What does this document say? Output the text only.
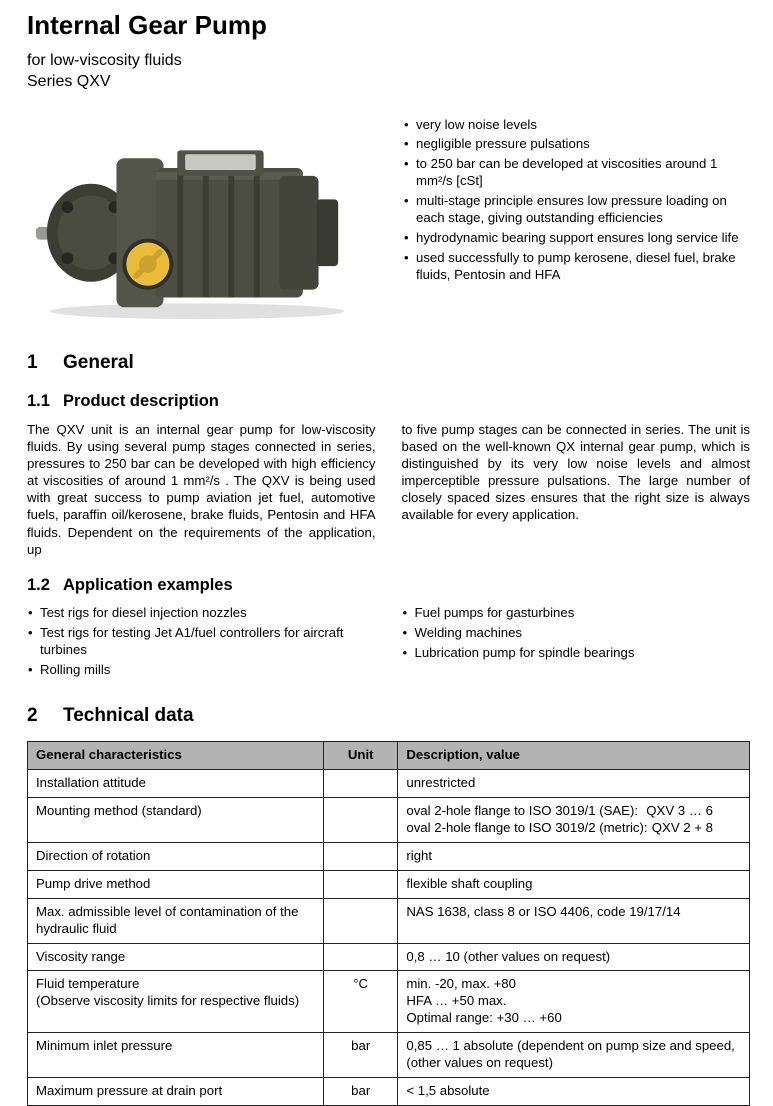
Internal Gear Pump
for low-viscosity fluids
Series QXV
• very low noise levels
• negligible pressure pulsations
• to 250 bar can be developed at viscosities around 1 mm²/s [cSt]
• multi-stage principle ensures low pressure loading on each stage, giving outstanding efficiencies
• hydrodynamic bearing support ensures long service life
• used successfully to pump kerosene, diesel fuel, brake fluids, Pentosin and HFA
1	General
1.1 Product description

The QXV unit is an internal gear pump for low-viscosity fluids. By using several pump stages connected in series, pressures to 250 bar can be developed with high efficiency at viscosities of around 1 mm²/s . The QXV is being used with great success to pump aviation jet fuel, automotive fuels, paraffin oil/kerosene, brake fluids, Pentosin and HFA fluids. Dependent on the requirements of the application, up

to five pump stages can be connected in series. The unit is based on the well-known QX internal gear pump, which is distinguished by its very low noise levels and almost imperceptible pressure pulsations. The large number of closely spaced sizes ensures that the right size is always available for every application.

1.2 Application examples
• Test rigs for diesel injection nozzles
• Test rigs for testing Jet A1/fuel controllers for aircraft turbines
• Rolling mills
• Fuel pumps for gasturbines
• Welding machines
• Lubrication pump for spindle bearings
2	Technical data
General characteristics	Unit	Description, value

Installation attitude		unrestricted

Mounting method (standard)		oval 2-hole flange to ISO 3019/1 (SAE): QXV 3 … 6
oval 2-hole flange to ISO 3019/2 (metric): QXV 2 + 8

Direction of rotation		right

Pump drive method		flexible shaft coupling

Max. admissible level of contamination of the
hydraulic fluid		NAS 1638, class 8 or ISO 4406, code 19/17/14

Viscosity range		0,8 … 10 (other values on request)

Fluid temperature
(Observe viscosity limits for respective fluids)
	°C	min. -20, max. +80
HFA … +50 max.
Optimal range: +30 … +60

Minimum inlet pressure	bar	0,85 … 1 absolute (dependent on pump size and speed,
(other values on request)

Maximum pressure at drain port	bar	< 1,5 absolute
